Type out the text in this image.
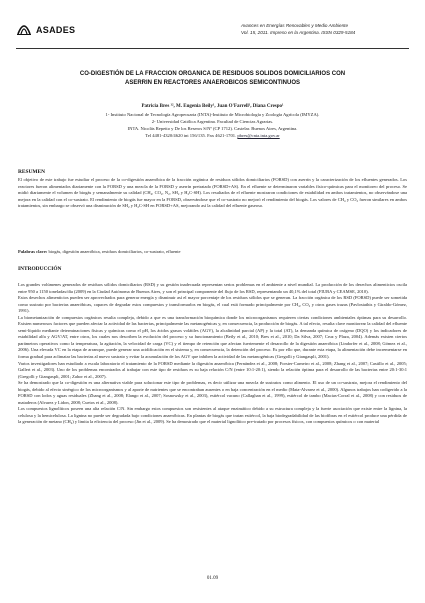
ASADES	Avances en Energías Renovables y Medio Ambiente
Vol. 15, 2011. Impreso en la Argentina. ISSN 0329-5184
CO-DIGESTIÓN DE LA FRACCION ORGANICA DE RESIDUOS SOLIDOS DOMICILIARIOS CON
ASERRIN EN REACTORES ANAEROBICOS SEMICONTINUOS
Patricia Bres ¹², M. Eugenia Beily¹, Juan O'Farrell¹, Diana Crespo¹
1- Instituto Nacional de Tecnología Agropecuaria (INTA)-Instituto de Microbiología y Zoología Agrícola (IMYZA).
2- Universidad Católica Argentina. Facultad de Ciencias Agrarias.
INTA. Nicolás Repetto y De los Reseros S/Nº (CP 1712). Castelar. Buenos Aires, Argentina.
Tel 4481-4320/4620 int 156/135. Fax 4621-1701. pbres@cnia.inta.gov.ar
RESUMEN

El objetivo de este trabajo fue estudiar el proceso de la co-digestión anaeróbica de la fracción orgánica de residuos sólidos domiciliarios (FORSD) con aserrín y la caracterización de los efluentes generados. Los reactores fueron alimentados diariamente con la FORSD y una mezcla de la FORSD y aserrín pretratado (FORSD+AS). En el efluente se determinaron variables físico-químicas para el monitoreo del proceso. Se midió diariamente el volumen de biogás y semanalmente su calidad (CH₄, CO₂, N₂, SH₂ y H₂C-SH). Los resultados de el efluente mostraron condiciones de estabilidad en ambos tratamientos, no observándose una mejora en la calidad con el co-sustrato. El rendimiento de biogás fue mayor en la FORSD, observándose que el co-sustrato no mejoró el rendimiento del biogás. Los valores de CH₄ y CO₂ fueron similares en ambos tratamientos, sin embargo se observó una disminución de SH₂ y H₂C-SH en FORSD+AS, mejorando así la calidad del efluente gaseoso.

Palabras clave: biogás, digestión anaeróbica, residuos domiciliarios, co-sustrato, efluente

INTRODUCCIÓN

Los grandes volúmenes generados de residuos sólidos domiciliarios (RSD) y su gestión inadecuada representan serios problemas en el ambiente a nivel mundial. La producción de los desechos alimenticios oscila entre 950 a 1150 toneladas/día (2009) en la Ciudad Autónoma de Buenos Aires, y son el principal componente del flujo de los RSD, representando un 40,1% del total (FIUBA y CEAMSE, 2010).

Estos desechos alimenticios pueden ser aprovechados para generar energía y disminuir así el mayor porcentaje de los residuos sólidos que se generan. La fracción orgánica de los RSD (FORSD) puede ser sometida como sustrato por bacterias anaeróbicas, capaces de degradar estos compuestos y transformarlos en biogás, el cual está formado principalmente por CH₄, CO₂ y otros gases trazas (Pavlostathis y Giraldo-Gómez, 1991).

La biometanización de compuestos orgánicos resulta compleja, debido a que es una transformación bioquímica donde los microorganismos requieren ciertas condiciones ambientales óptimas para su desarrollo. Existen numerosos factores que pueden afectar la actividad de las bacterias, principalmente las metanogénicas y, en consecuencia, la producción de biogás. A tal efecto, resulta clave monitorear la calidad del efluente semi-líquido mediante determinaciones físicas y químicas como el pH, los ácidos grasos volátiles (AGV), la alcalinidad parcial (AP) y la total (AT), la demanda química de oxígeno (DQO) y los indicadores de estabilidad alfa y AGV/AT, entre otros, los cuales nos describen la evolución del proceso y su funcionamiento (Beily et al., 2010; Bres et al., 2010; Da Silva, 2007; Cruz y Plaza, 2004). Además existen ciertos parámetros operativos como la temperatura, la agitación, la velocidad de carga (VC) y el tiempo de retención que afectan fuertemente el desarrollo de la digestión anaeróbica (Lindorfer et al., 2008; Gómez et al., 2006). Una elevada VC en la etapa de arranque, puede generar una acidificación en el sistema y, en consecuencia, la detención del proceso. Es por ello que, durante esta etapa, la alimentación debe incrementarse en forma gradual para aclimatar las bacterias al nuevo sustrato y evitar la acumulación de los AGV que inhiben la actividad de las metanogénicas (Gregolli y Giangaspli, 2001).

Varios investigadores han estudiado a escala laboratorio el tratamiento de la FORSD mediante la digestión anaeróbica (Fernández et al., 2008; Forster-Carneiro et al., 2008; Zhang et al., 2007; Castillo et al., 2005; Gallert et al., 2003). Uno de los problemas encontrados al trabajar con este tipo de residuos es su baja relación C/N (entre 10:1-20:1), siendo la relación óptima para el desarrollo de las bacterias entre 20:1-30:1 (Gregolli y Giangaspli, 2001; Zahor et al., 2007).

Se ha demostrado que la co-digestión es una alternativa viable para solucionar este tipo de problemas, es decir utilizar una mezcla de sustratos como alimento. El uso de un co-sustrato, mejora el rendimiento del biogás, debido al efecto sinérgico de los microorganismos y al aporte de nutrientes que se encontraban ausentes o en baja concentración en el medio (Mata-Alvarez et al., 2000). Algunos trabajos han codigerido a la FORSD con lodos y aguas residuales (Zhang et al., 2008; Elango et al., 2007; Sosnowsky et al., 2003), estiércol vacuno (Callaghan et al., 1999), estiércol de tambo (Macias-Corral et al., 2008) y con residuos de mataderos (Alvarez y Lidon, 2008; Cuetos et al., 2008).

Los compuestos lignolíticos poseen una alta relación C/N. Sin embargo estos compuestos son resistentes al ataque enzimático debido a su estructura compleja y la fuerte asociación que existe entre la lignina, la celulosa y la hemicelulosa. La lignina no puede ser degradada bajo condiciones anaeróbicas. En plantas de biogás que tratan estiércol, la baja biodegradabilidad de las biofibras en el estiércol produce una pérdida de la generación de metano (CH₄) y limita la eficiencia del proceso (Jin et al., 2009). Se ha demostrado que el material lignolítico pre-tratado por procesos físicos, con compuestos químicos o con material

01.09
